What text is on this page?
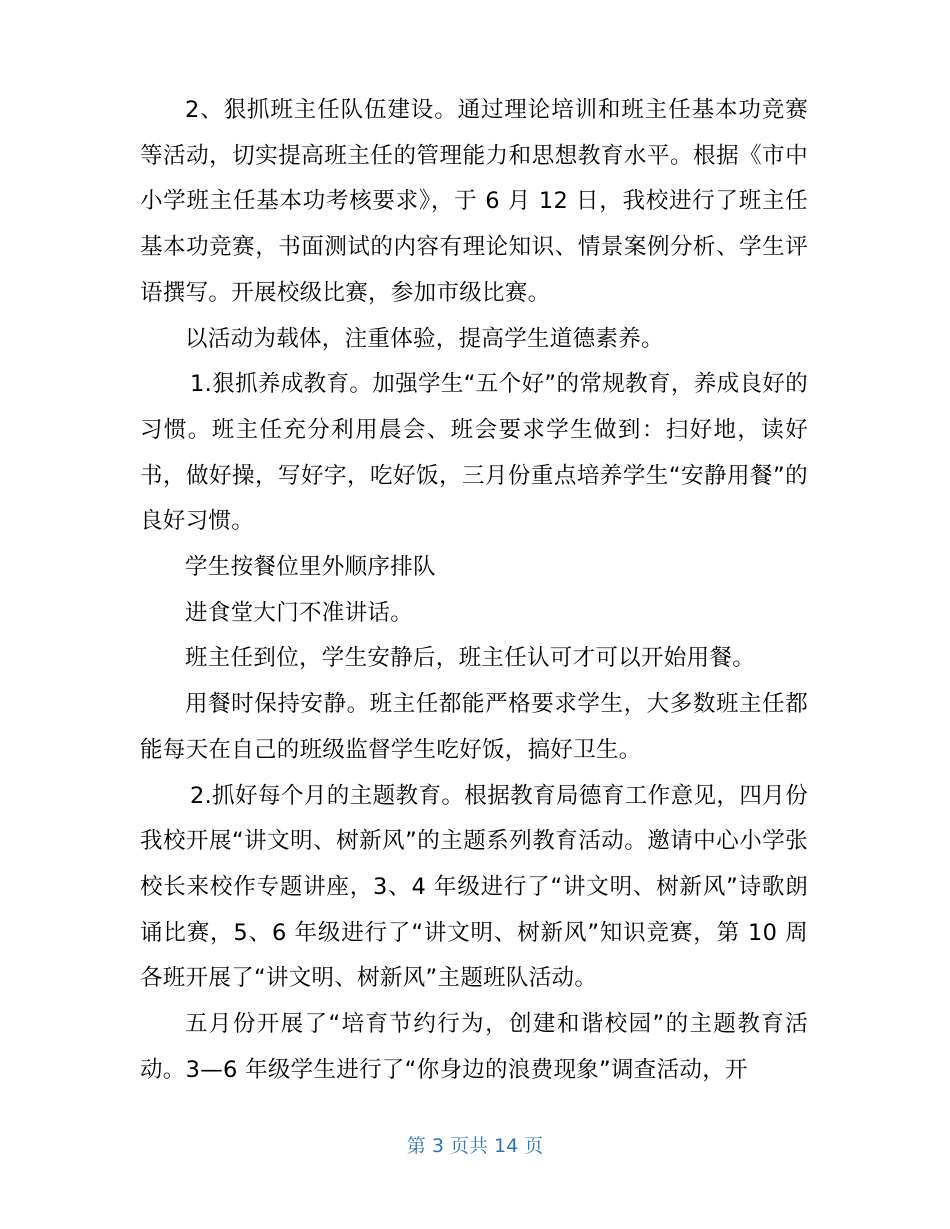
2、狠抓班主任队伍建设。通过理论培训和班主任基本功竞赛等活动，切实提高班主任的管理能力和思想教育水平。根据《市中小学班主任基本功考核要求》，于 6 月 12 日，我校进行了班主任基本功竞赛，书面测试的内容有理论知识、情景案例分析、学生评语撰写。开展校级比赛，参加市级比赛。

以活动为载体，注重体验，提高学生道德素养。

1.狠抓养成教育。加强学生“五个好”的常规教育，养成良好的习惯。班主任充分利用晨会、班会要求学生做到：扫好地，读好书，做好操，写好字，吃好饭，三月份重点培养学生“安静用餐”的良好习惯。

学生按餐位里外顺序排队

进食堂大门不准讲话。

班主任到位，学生安静后，班主任认可才可以开始用餐。

用餐时保持安静。班主任都能严格要求学生，大多数班主任都能每天在自己的班级监督学生吃好饭，搞好卫生。

2.抓好每个月的主题教育。根据教育局德育工作意见，四月份我校开展“讲文明、树新风”的主题系列教育活动。邀请中心小学张校长来校作专题讲座，3、4 年级进行了“讲文明、树新风”诗歌朗诵比赛，5、6 年级进行了“讲文明、树新风”知识竞赛，第 10 周各班开展了“讲文明、树新风”主题班队活动。

五月份开展了“培育节约行为，创建和谐校园”的主题教育活动。3—6 年级学生进行了“你身边的浪费现象”调查活动，开

第 3 页共 14 页
